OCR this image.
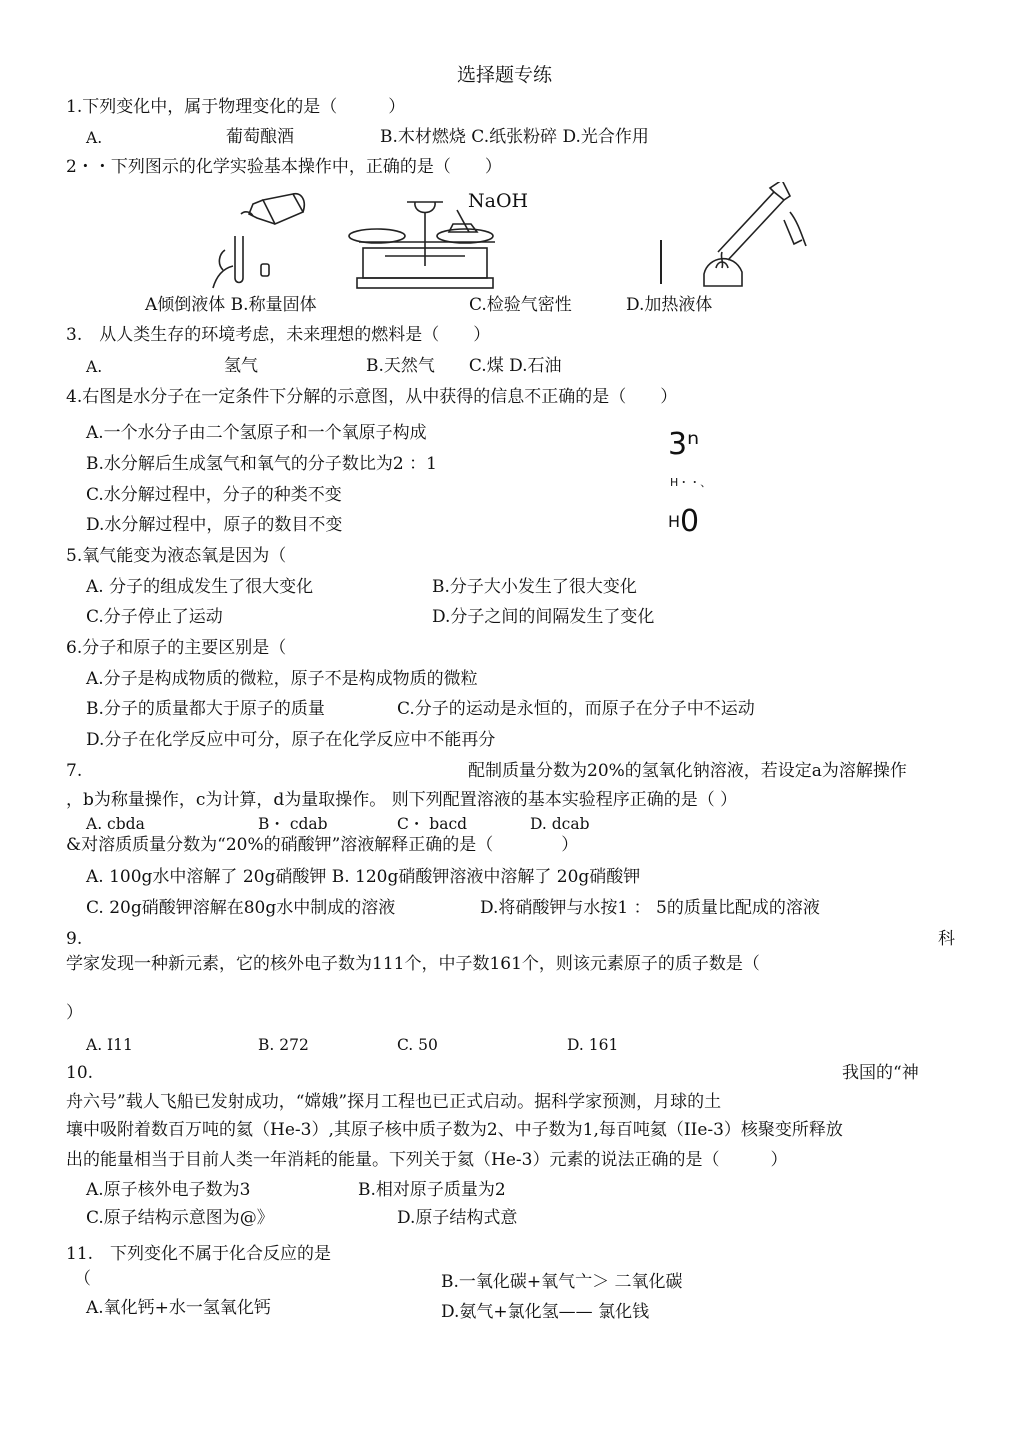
选择题专练
1.下列变化中，属于物理变化的是（　　　）
A.	葡萄酿酒	B.木材燃烧 C.纸张粉碎 D.光合作用
2・・下列图示的化学实验基本操作中，正确的是（　　）
NaOH
A倾倒液体 B.称量固体	C.检验气密性	D.加热液体
3.　从人类生存的环境考虑，未来理想的燃料是（　　）
A.	氢气	B.天然气　　C.煤 D.石油
4.右图是水分子在一定条件下分解的示意图，从中获得的信息不正确的是（　　）
A.一个水分子由二个氢原子和一个氧原子构成
B.水分解后生成氢气和氧气的分子数比为2 ：1
C.水分解过程中，分子的种类不变
D.水分解过程中，原子的数目不变
3ⁿ
H・・、
$^H$0
5.氧气能变为液态氧是因为（
A. 分子的组成发生了很大变化	B.分子大小发生了很大变化
C.分子停止了运动	D.分子之间的间隔发生了变化
6.分子和原子的主要区别是（
A.分子是构成物质的微粒，原子不是构成物质的微粒
B.分子的质量都大于原子的质量	C.分子的运动是永恒的，而原子在分子中不运动
D.分子在化学反应中可分，原子在化学反应中不能再分
7.	配制质量分数为20%的氢氧化钠溶液，若设定a为溶解操作
，b为称量操作，c为计算，d为量取操作。 则下列配置溶液的基本实验程序正确的是（ ）
A. cbda	B・ cdab	C・ bacd	D. dcab
&对溶质质量分数为“20%的硝酸钾”溶液解释正确的是（　　　　）
A. 100g水中溶解了 20g硝酸钾 B. 120g硝酸钾溶液中溶解了 20g硝酸钾
C. 20g硝酸钾溶解在80g水中制成的溶液	D.将硝酸钾与水按1 ： 5的质量比配成的溶液
9.	科
学家发现一种新元素，它的核外电子数为111个，中子数161个，则该元素原子的质子数是（
）
A. I11	B. 272	C. 50	D. 161
10.	我国的“神
舟六号”载人飞船已发射成功，“嫦娥”探月工程也已正式启动。据科学家预测，月球的土
壤中吸附着数百万吨的氦（He-3）,其原子核中质子数为2、中子数为1,每百吨氦（IIe-3）核聚变所释放
出的能量相当于目前人类一年消耗的能量。下列关于氦（He-3）元素的说法正确的是（　　　）
A.原子核外电子数为3	B.相对原子质量为2
C.原子结构示意图为@》	D.原子结构式意
11.　下列变化不属于化合反应的是
（	B.一氧化碳+氧气亠＞ 二氧化碳
A.氧化钙+水一氢氧化钙	D.氨气+氯化氢—— 氯化钱
